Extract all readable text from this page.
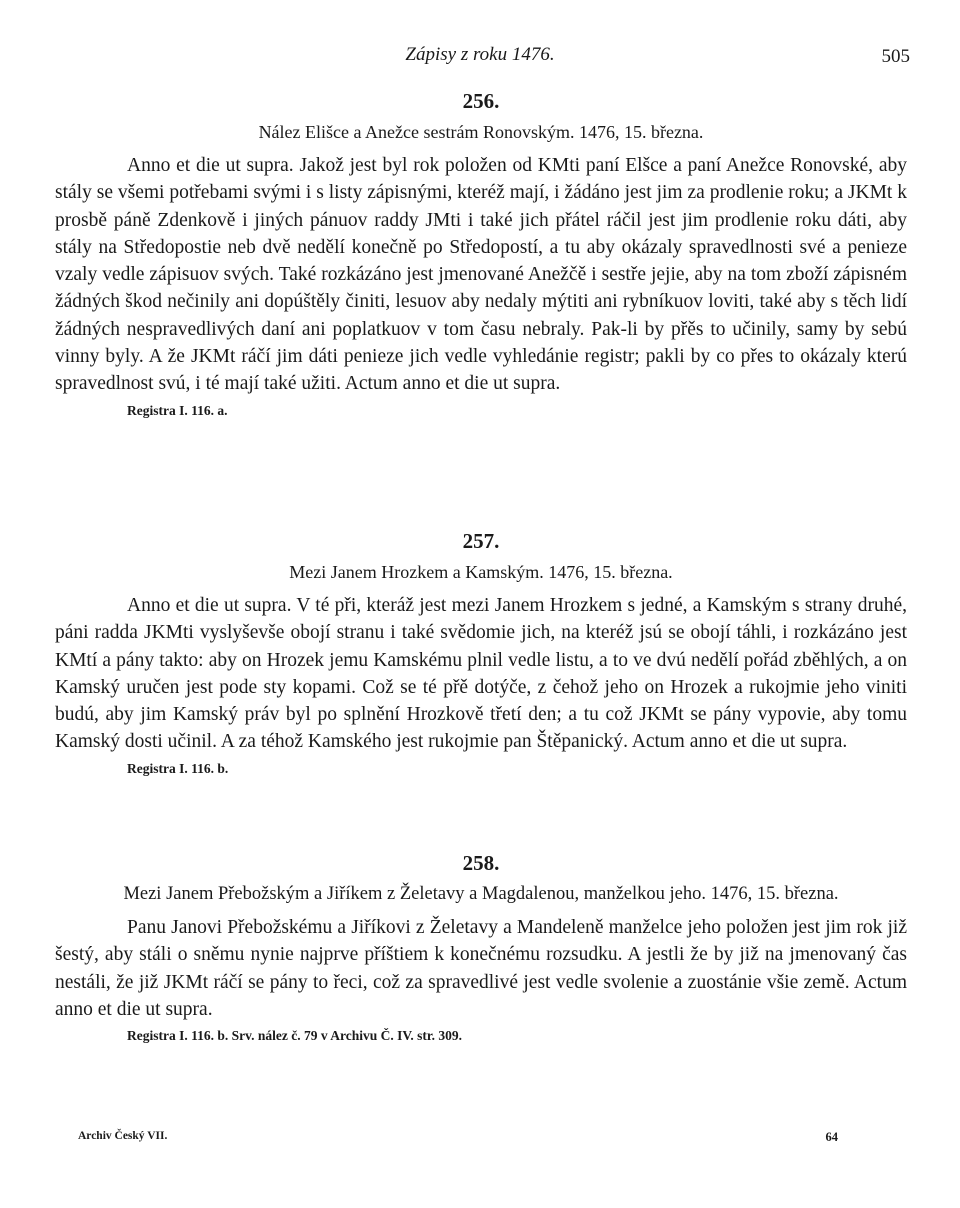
Zápisy z roku 1476.	505
256.

Nález Elišce a Anežce sestrám Ronovským. 1476, 15. března.

Anno et die ut supra. Jakož jest byl rok položen od KMti paní Elšce a paní Anežce Ronovské, aby stály se všemi potřebami svými i s listy zápisnými, kteréž mají, i žádáno jest jim za prodlenie roku; a JKMt k prosbě páně Zdenkově i jiných pánuov raddy JMti i také jich přátel ráčil jest jim prodlenie roku dáti, aby stály na Středopostie neb dvě nedělí konečně po Středopostí, a tu aby okázaly spravedlnosti své a penieze vzaly vedle zápisuov svých. Také rozkázáno jest jmenované Anežčě i sestře jejie, aby na tom zboží zápisném žádných škod nečinily ani dopúštěly činiti, lesuov aby nedaly mýtiti ani rybníkuov loviti, také aby s těch lidí žádných nespravedlivých daní ani poplatkuov v tom času nebraly. Pak-li by přěs to učinily, samy by sebú vinny byly. A že JKMt ráčí jim dáti penieze jich vedle vyhledánie registr; pakli by co přes to okázaly kterú spravedlnost svú, i té mají také užiti. Actum anno et die ut supra.

Registra I. 116. a.

257.

Mezi Janem Hrozkem a Kamským. 1476, 15. března.

Anno et die ut supra. V té při, kteráž jest mezi Janem Hrozkem s jedné, a Kamským s strany druhé, páni radda JKMti vyslyševše obojí stranu i také svědomie jich, na kteréž jsú se obojí táhli, i rozkázáno jest KMtí a pány takto: aby on Hrozek jemu Kamskému plnil vedle listu, a to ve dvú nedělí pořád zběhlých, a on Kamský uručen jest pode sty kopami. Což se té přě dotýče, z čehož jeho on Hrozek a rukojmie jeho viniti budú, aby jim Kamský práv byl po splnění Hrozkově třetí den; a tu což JKMt se pány vypovie, aby tomu Kamský dosti učinil. A za téhož Kamského jest rukojmie pan Štěpanický. Actum anno et die ut supra.

Registra I. 116. b.

258.

Mezi Janem Přebožským a Jiříkem z Želetavy a Magdalenou, manželkou jeho. 1476, 15. března.

Panu Janovi Přebožskému a Jiříkovi z Želetavy a Mandeleně manželce jeho položen jest jim rok již šestý, aby stáli o sněmu nynie najprve příštiem k konečnému rozsudku. A jestli že by již na jmenovaný čas nestáli, že již JKMt ráčí se pány to řeci, což za spravedlivé jest vedle svolenie a zuostánie všie země. Actum anno et die ut supra.

Registra I. 116. b. Srv. nález č. 79 v Archivu Č. IV. str. 309.

Archiv Český VII.	64
